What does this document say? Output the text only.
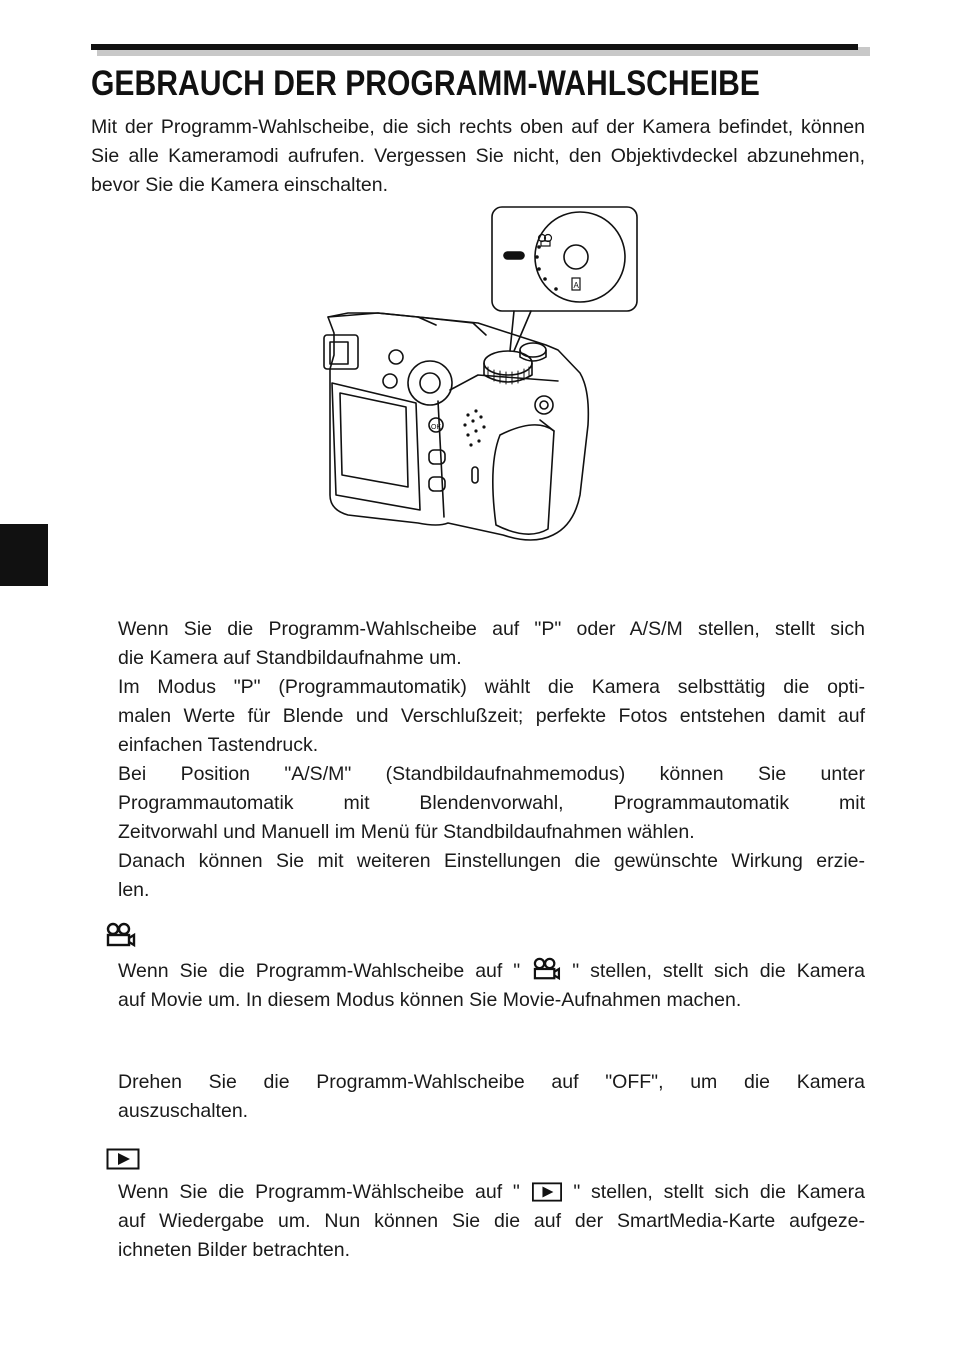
GEBRAUCH DER PROGRAMM-WAHLSCHEIBE

Mit der Programm-Wahlscheibe, die sich rechts oben auf der Kamera befindet, können Sie alle Kameramodi aufrufen. Vergessen Sie nicht, den Objektivdeckel abzunehmen, bevor Sie die Kamera einschalten.

OK
A
Wenn Sie die Programm-Wahlscheibe auf "P" oder A/S/M stellen, stellt sich
die Kamera auf Standbildaufnahme um.
Im Modus "P" (Programmautomatik) wählt die Kamera selbsttätig die opti-
malen Werte für Blende und Verschlußzeit; perfekte Fotos entstehen damit auf
einfachen Tastendruck.
Bei Position "A/S/M" (Standbildaufnahmemodus) können Sie unter
Programmautomatik mit Blendenvorwahl, Programmautomatik mit
Zeitvorwahl und Manuell im Menü für Standbildaufnahmen wählen.
Danach können Sie mit weiteren Einstellungen die gewünschte Wirkung erzie-
len.
Wenn Sie die Programm-Wahlscheibe auf "  " stellen, stellt sich die Kamera
auf Movie um. In diesem Modus können Sie Movie-Aufnahmen machen.
Drehen Sie die Programm-Wahlscheibe auf "OFF", um die Kamera
auszuschalten.
Wenn Sie die Programm-Wählscheibe auf "  " stellen, stellt sich die Kamera
auf Wiedergabe um. Nun können Sie die auf der SmartMedia-Karte aufgeze-
ichneten Bilder betrachten.
